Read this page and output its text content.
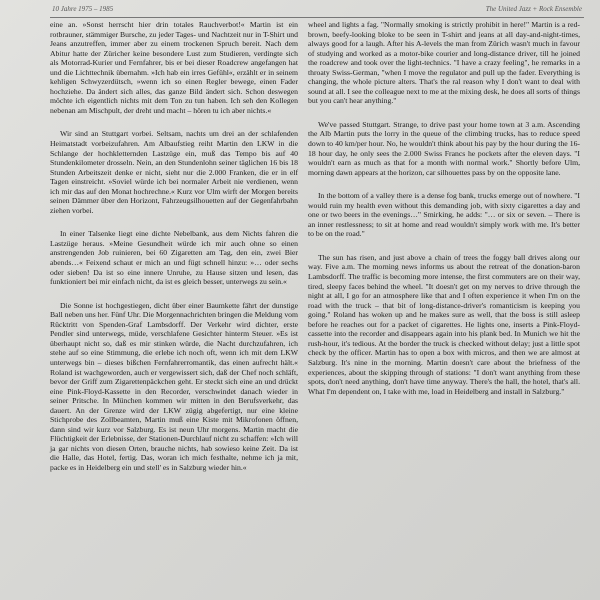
10 Jahre 1975 – 1985	The United Jazz + Rock Ensemble

eine an. »Sonst herrscht hier drin totales Rauchverbot!« Martin ist ein rotbrauner, stämmiger Bursche, zu jeder Tages- und Nachtzeit nur in T-Shirt und Jeans anzutreffen, immer aber zu einem trockenen Spruch bereit. Nach dem Abitur hatte der Züricher keine besondere Lust zum Studieren, verdingte sich als Motorrad-Kurier und Fernfahrer, bis er bei dieser Roadcrew angefangen hat und die Lichttechnik übernahm. »Ich hab ein irres Gefühl«, erzählt er in seinem kehligen Schwyzerdütsch, »wenn ich so einen Regler bewege, einen Fader hochziehe. Da ändert sich alles, das ganze Bild ändert sich. Schon deswegen möchte ich eigentlich nichts mit dem Ton zu tun haben. Ich seh den Kollegen nebenan am Mischpult, der dreht und macht – hören tu ich aber nichts.«

Wir sind an Stuttgart vorbei. Seltsam, nachts um drei an der schlafenden Heimatstadt vorbeizufahren. Am Albaufstieg reiht Martin den LKW in die Schlange der hochkletternden Lastzüge ein, muß das Tempo bis auf 40 Stundenkilometer drosseln. Nein, an den Stundenlohn seiner täglichen 16 bis 18 Stunden Arbeitszeit denke er nicht, sieht nur die 2.000 Franken, die er in elf Tagen einstreicht. »Soviel würde ich bei normaler Arbeit nie verdienen, wenn ich mir das auf den Monat hochrechne.« Kurz vor Ulm wirft der Morgen bereits seinen Dämmer über den Horizont, Fahrzeugsilhouetten auf der Gegenfahrbahn ziehen vorbei.

In einer Talsenke liegt eine dichte Nebelbank, aus dem Nichts fahren die Lastzüge heraus. »Meine Gesundheit würde ich mir auch ohne so einen anstrengenden Job ruinieren, bei 60 Zigaretten am Tag, den ein, zwei Bier abends…« Feixend schaut er mich an und fügt schnell hinzu: »… oder sechs oder sieben! Da ist so eine innere Unruhe, zu Hause sitzen und lesen, das funktioniert bei mir einfach nicht, da ist es gleich besser, unterwegs zu sein.«

Die Sonne ist hochgestiegen, dicht über einer Baumkette fährt der dunstige Ball neben uns her. Fünf Uhr. Die Morgennachrichten bringen die Meldung vom Rücktritt von Spenden-Graf Lambsdorff. Der Verkehr wird dichter, erste Pendler sind unterwegs, müde, verschlafene Gesichter hinterm Steuer. »Es ist überhaupt nicht so, daß es mir stinken würde, die Nacht durchzufahren, ich stehe auf so eine Stimmung, die erlebe ich noch oft, wenn ich mit dem LKW unterwegs bin – dieses bißchen Fernfahrerromantik, das einen aufrecht hält.« Roland ist wachgeworden, auch er vergewissert sich, daß der Chef noch schläft, bevor der Griff zum Zigarettenpäckchen geht. Er steckt sich eine an und drückt eine Pink-Floyd-Kassette in den Recorder, verschwindet danach wieder in seiner Pritsche. In München kommen wir mitten in den Berufsverkehr, das dauert. An der Grenze wird der LKW zügig abgefertigt, nur eine kleine Stichprobe des Zollbeamten, Martin muß eine Kiste mit Mikrofonen öffnen, dann sind wir kurz vor Salzburg. Es ist neun Uhr morgens. Martin macht die Flüchtigkeit der Erlebnisse, der Stationen-Durchlauf nicht zu schaffen: »Ich will ja gar nichts von diesen Orten, brauche nichts, hab sowieso keine Zeit. Da ist die Halle, das Hotel, fertig. Das, woran ich mich festhalte, nehme ich ja mit, packe es in Heidelberg ein und stell' es in Salzburg wieder hin.«

wheel and lights a fag. "Normally smoking is strictly prohibit in here!" Martin is a red-brown, beefy-looking bloke to be seen in T-shirt and jeans at all day-and-night-times, always good for a laugh. After his A-levels the man from Zürich wasn't much in favour of studying and worked as a motor-bike courier and long-distance driver, till he joined the roadcrew and took over the light-technics. "I have a crazy feeling", he remarks in a throaty Swiss-German, "when I move the regulator and pull up the fader. Everything is changing, the whole picture alters. That's the ral reason why I don't want to deal with sound at all. I see the colleague next to me at the mixing desk, he does all sorts of things but you can't hear anything."

We've passed Stuttgart. Strange, to drive past your home town at 3 a.m. Ascending the Alb Martin puts the lorry in the queue of the climbing trucks, has to reduce speed down to 40 km/per hour. No, he wouldn't think about his pay by the hour during the 16-18 hour day, he only sees the 2.000 Swiss Francs he pockets after the eleven days. "I wouldn't earn as much as that for a month with normal work." Shortly before Ulm, morning dawn appears at the horizon, car silhouettes pass by on the opposite lane.

In the bottom of a valley there is a dense fog bank, trucks emerge out of nowhere. "I would ruin my health even without this demanding job, with sixty cigarettes a day and one or two beers in the evenings…" Smirking, he adds: "… or six or seven. – There is an inner restlessness; to sit at home and read wouldn't simply work with me. It's better to be on the road."

The sun has risen, and just above a chain of trees the foggy ball drives along our way. Five a.m. The morning news informs us about the retreat of the donation-baron Lambsdorff. The traffic is becoming more intense, the first commuters are on their way, tired, sleepy faces behind the wheel. "It doesn't get on my nerves to drive through the night at all, I go for an atmosphere like that and I often experience it when I'm on the road with the truck – that bit of long-distance-driver's romanticism is keeping you going." Roland has woken up and he makes sure as well, that the boss is still asleep before he reaches out for a packet of cigarettes. He lights one, inserts a Pink-Floyd-cassette into the recorder and disappears again into his plank bed. In Munich we hit the rush-hour, it's tedious. At the border the truck is checked without delay; just a little spot check by the officer. Martin has to open a box with micros, and then we are almost at Salzburg. It's nine in the morning. Martin doesn't care about the briefness of the experiences, about the skipping through of stations: "I don't want anything from these spots, don't need anything, don't have time anyway. There's the hall, the hotel, that's all. What I'm dependent on, I take with me, load in Heidelberg and install in Salzburg."
